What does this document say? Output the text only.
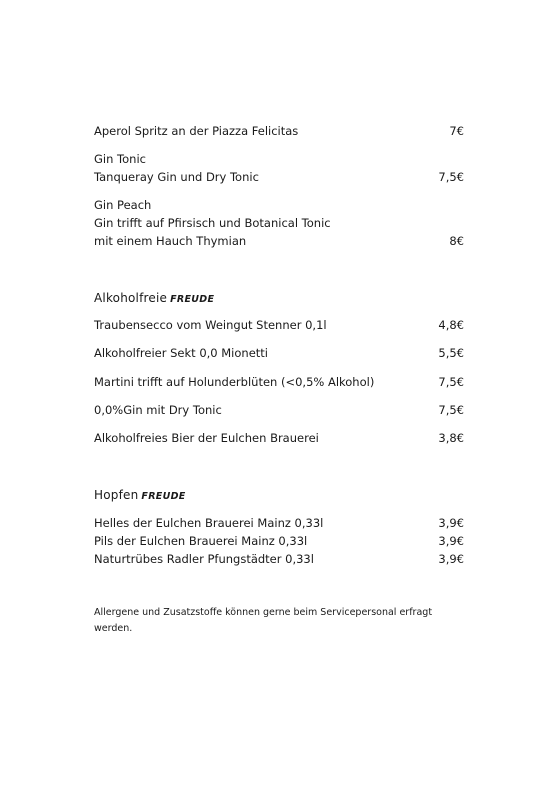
Aperol Spritz an der Piazza Felicitas	7€
Gin Tonic
Tanqueray Gin und Dry Tonic	7,5€
Gin Peach
Gin trifft auf Pfirsisch und Botanical Tonic
mit einem Hauch Thymian	8€
Alkoholfreie FREUDE
Traubensecco vom Weingut Stenner 0,1l	4,8€
Alkoholfreier Sekt 0,0 Mionetti	5,5€
Martini trifft auf Holunderblüten (<0,5% Alkohol)	7,5€
0,0%Gin mit Dry Tonic	7,5€
Alkoholfreies Bier der Eulchen Brauerei	3,8€
Hopfen FREUDE
Helles der Eulchen Brauerei Mainz 0,33l	3,9€
Pils der Eulchen Brauerei Mainz 0,33l	3,9€
Naturtrübes Radler Pfungstädter 0,33l	3,9€
Allergene und Zusatzstoffe können gerne beim Servicepersonal erfragt werden.
